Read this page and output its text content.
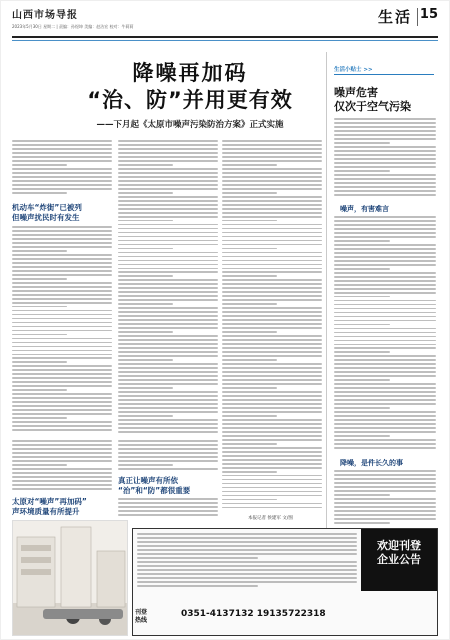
山西市场导报
2023年5月30日 星期二 | 责编：孙煜坤 美编：赵洁宏 校对：牛莉莉
生活 15
降噪再加码
“治、防”并用更有效
——下月起《太原市噪声污染防治方案》正式实施
机动车“炸街”已被列
但噪声扰民时有发生
太原对“噪声”再加码”
声环境质量有所提升
真正让噪声有所依
“治”和“防”都很重要
本报记者 侯建军 文/图
生活小贴士 >>
噪声危害
仅次于空气污染
噪声，有害难言
降噪，是件长久的事
欢迎刊登
企业公告
刊登
热线
0351-4137132 19135722318
